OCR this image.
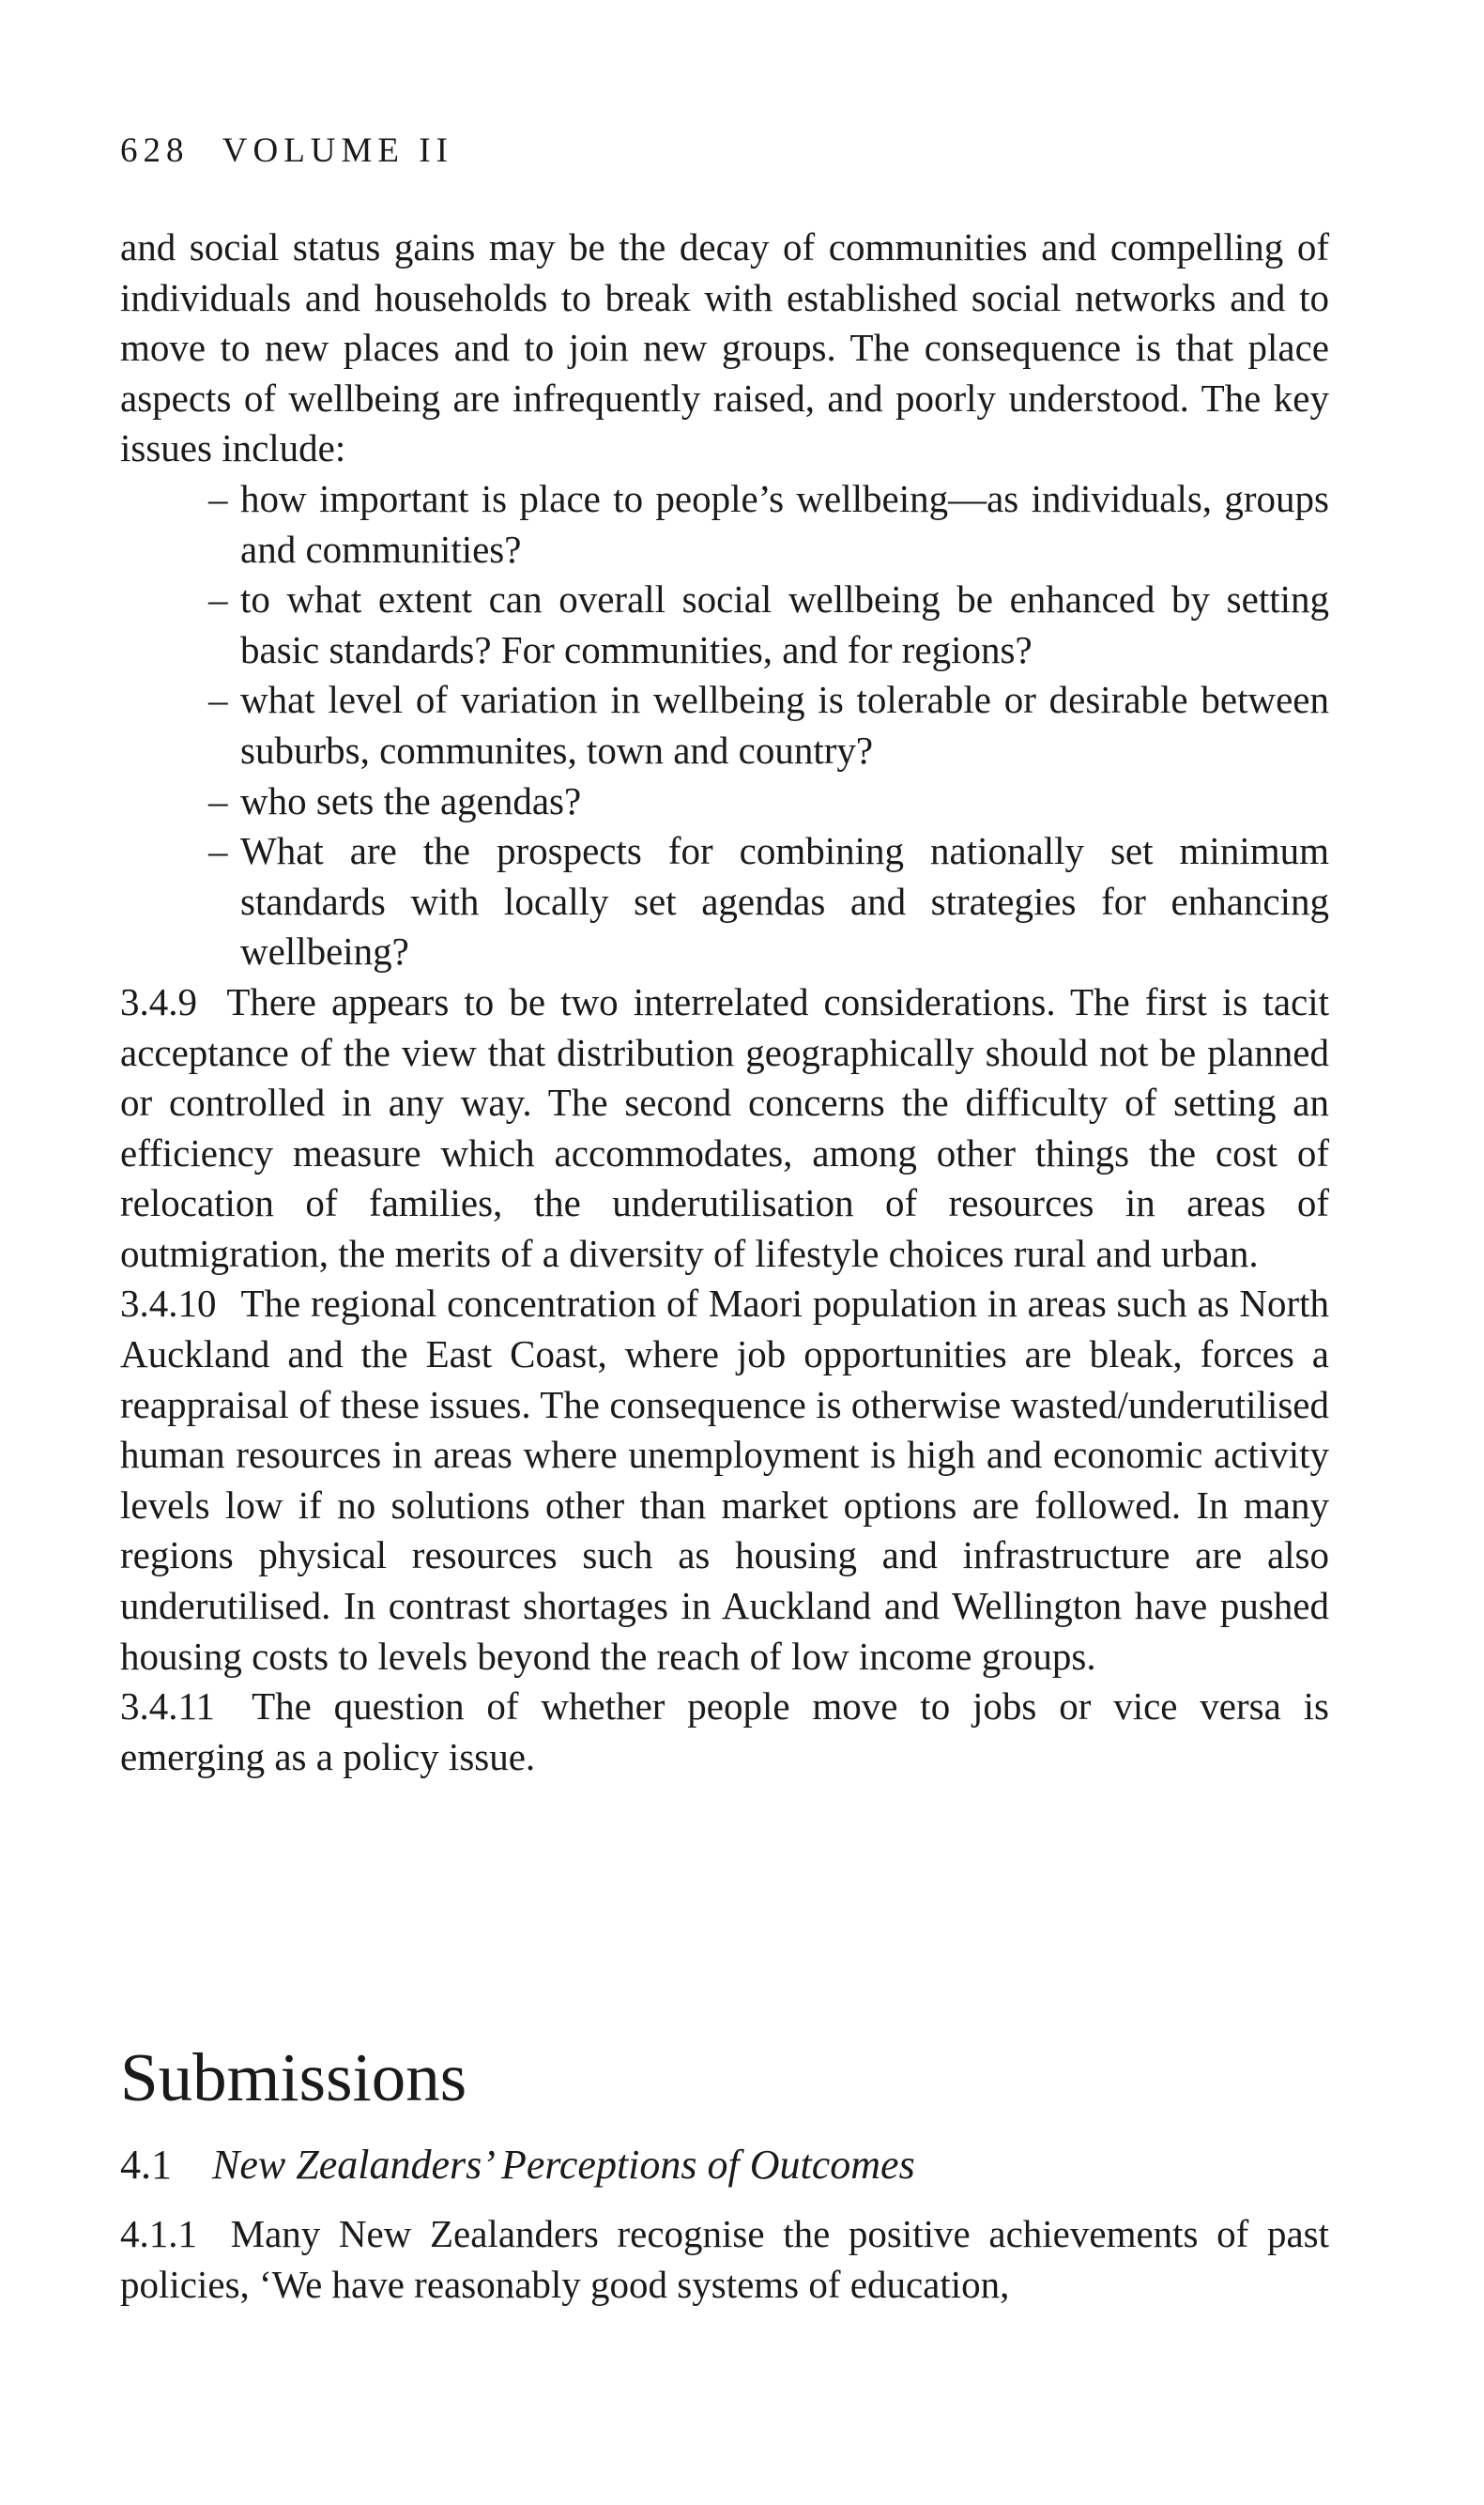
628 VOLUME II

and social status gains may be the decay of communities and compelling of individuals and households to break with established social networks and to move to new places and to join new groups. The consequence is that place aspects of wellbeing are infrequently raised, and poorly understood. The key issues include:

– how important is place to people’s wellbeing—as individuals, groups and communities?
– to what extent can overall social wellbeing be enhanced by setting basic standards? For communities, and for regions?
– what level of variation in wellbeing is tolerable or desirable between suburbs, communites, town and country?
– who sets the agendas?
– What are the prospects for combining nationally set minimum standards with locally set agendas and strategies for enhancing wellbeing?

3.4.9 There appears to be two interrelated considerations. The first is tacit acceptance of the view that distribution geographically should not be planned or controlled in any way. The second concerns the difficulty of setting an efficiency measure which accommodates, among other things the cost of relocation of families, the underutilisation of resources in areas of outmigration, the merits of a diversity of lifestyle choices rural and urban.

3.4.10 The regional concentration of Maori population in areas such as North Auckland and the East Coast, where job opportunities are bleak, forces a reappraisal of these issues. The consequence is otherwise wasted/underutilised human resources in areas where unemployment is high and economic activity levels low if no solutions other than market options are followed. In many regions physical resources such as housing and infrastructure are also underutilised. In contrast shortages in Auckland and Wellington have pushed housing costs to levels beyond the reach of low income groups.

3.4.11 The question of whether people move to jobs or vice versa is emerging as a policy issue.

Submissions
4.1 New Zealanders’ Perceptions of Outcomes

4.1.1 Many New Zealanders recognise the positive achievements of past policies, ‘We have reasonably good systems of education,
